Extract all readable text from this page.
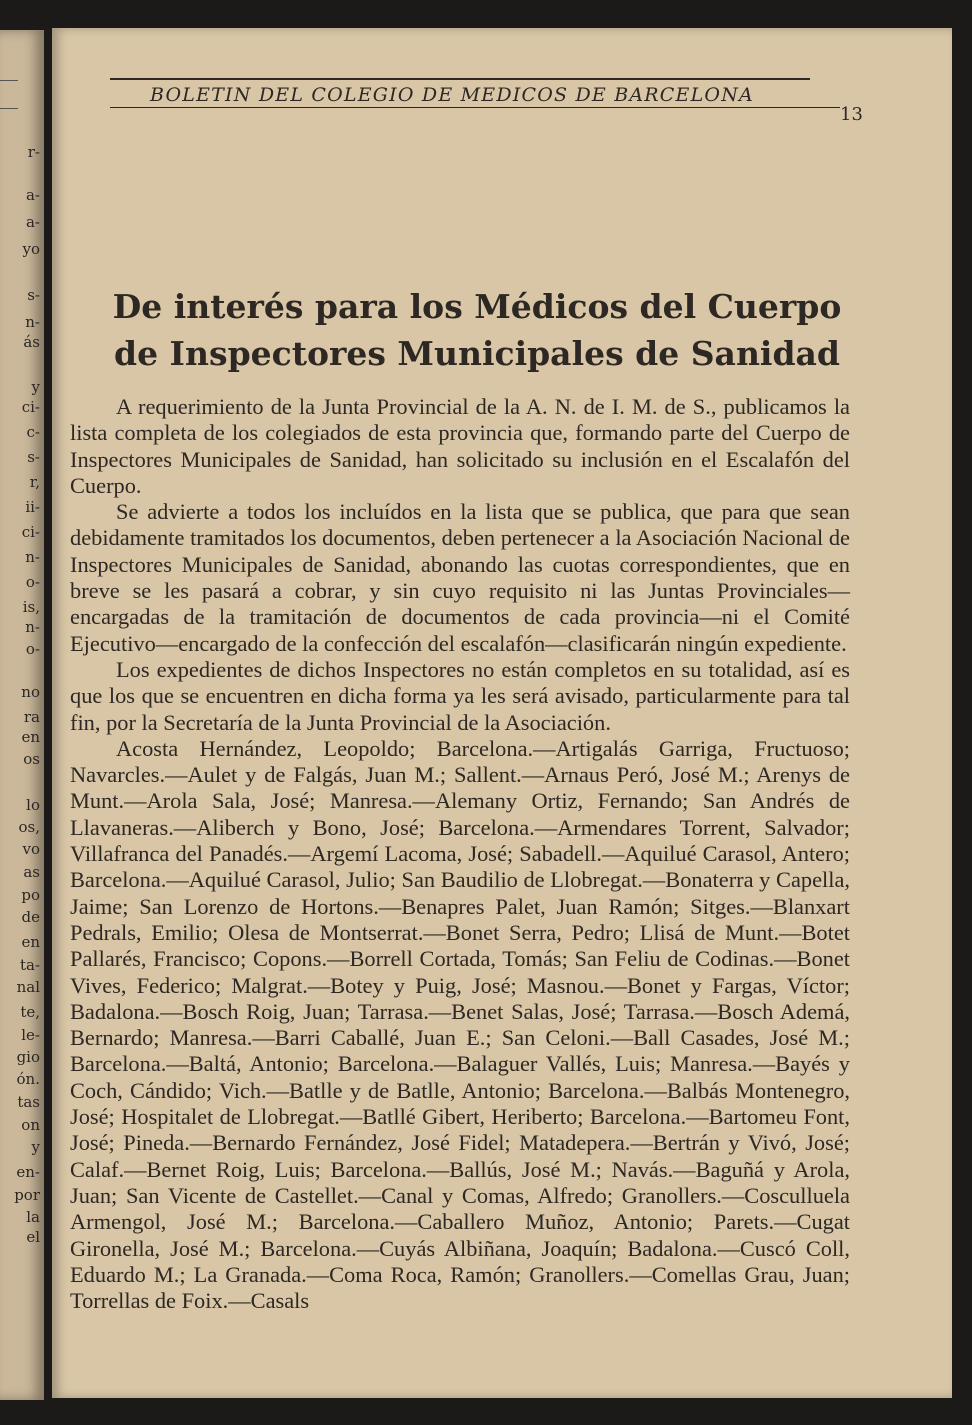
r-
a-
a-
yo
s-
n-
ás
y
ci-
c-
s-
r,
ii-
ci-
n-
o-
is,
n-
o-
no
ra
en
os
lo
os,
vo
as
po
de
en
ta-
nal
te,
le-
gio
ón.
tas
on
y
en-
por
la
el
BOLETIN DEL COLEGIO DE MEDICOS DE BARCELONA
13
De interés para los Médicos del Cuerpo de Inspectores Municipales de Sanidad

A requerimiento de la Junta Provincial de la A. N. de I. M. de S., publicamos la lista completa de los colegiados de esta provincia que, formando parte del Cuerpo de Inspectores Municipales de Sanidad, han solicitado su inclusión en el Escalafón del Cuerpo.

Se advierte a todos los incluídos en la lista que se publica, que para que sean debidamente tramitados los documentos, deben pertenecer a la Asociación Nacional de Inspectores Municipales de Sanidad, abonando las cuotas correspondientes, que en breve se les pasará a cobrar, y sin cuyo requisito ni las Juntas Provinciales—encargadas de la tramitación de documentos de cada provincia—ni el Comité Ejecutivo—encargado de la confección del escalafón—clasificarán ningún expediente.

Los expedientes de dichos Inspectores no están completos en su totalidad, así es que los que se encuentren en dicha forma ya les será avisado, particularmente para tal fin, por la Secretaría de la Junta Provincial de la Asociación.

Acosta Hernández, Leopoldo; Barcelona.—Artigalás Garriga, Fructuoso; Navarcles.—Aulet y de Falgás, Juan M.; Sallent.—Arnaus Peró, José M.; Arenys de Munt.—Arola Sala, José; Manresa.—Alemany Ortiz, Fernando; San Andrés de Llavaneras.—Aliberch y Bono, José; Barcelona.—Armendares Torrent, Salvador; Villafranca del Panadés.—Argemí Lacoma, José; Sabadell.—Aquilué Carasol, Antero; Barcelona.—Aquilué Carasol, Julio; San Baudilio de Llobregat.—Bonaterra y Capella, Jaime; San Lorenzo de Hortons.—Benapres Palet, Juan Ramón; Sitges.—Blanxart Pedrals, Emilio; Olesa de Montserrat.—Bonet Serra, Pedro; Llisá de Munt.—Botet Pallarés, Francisco; Copons.—Borrell Cortada, Tomás; San Feliu de Codinas.—Bonet Vives, Federico; Malgrat.—Botey y Puig, José; Masnou.—Bonet y Fargas, Víctor; Badalona.—Bosch Roig, Juan; Tarrasa.—Benet Salas, José; Tarrasa.—Bosch Ademá, Bernardo; Manresa.—Barri Caballé, Juan E.; San Celoni.—Ball Casades, José M.; Barcelona.—Baltá, Antonio; Barcelona.—Balaguer Vallés, Luis; Manresa.—Bayés y Coch, Cándido; Vich.—Batlle y de Batlle, Antonio; Barcelona.—Balbás Montenegro, José; Hospitalet de Llobregat.—Batllé Gibert, Heriberto; Barcelona.—Bartomeu Font, José; Pineda.—Bernardo Fernández, José Fidel; Matadepera.—Bertrán y Vivó, José; Calaf.—Bernet Roig, Luis; Barcelona.—Ballús, José M.; Navás.—Baguñá y Arola, Juan; San Vicente de Castellet.—Canal y Comas, Alfredo; Granollers.—Cosculluela Armengol, José M.; Barcelona.—Caballero Muñoz, Antonio; Parets.—Cugat Gironella, José M.; Barcelona.—Cuyás Albiñana, Joaquín; Badalona.—Cuscó Coll, Eduardo M.; La Granada.—Coma Roca, Ramón; Granollers.—Comellas Grau, Juan; Torrellas de Foix.—Casals
